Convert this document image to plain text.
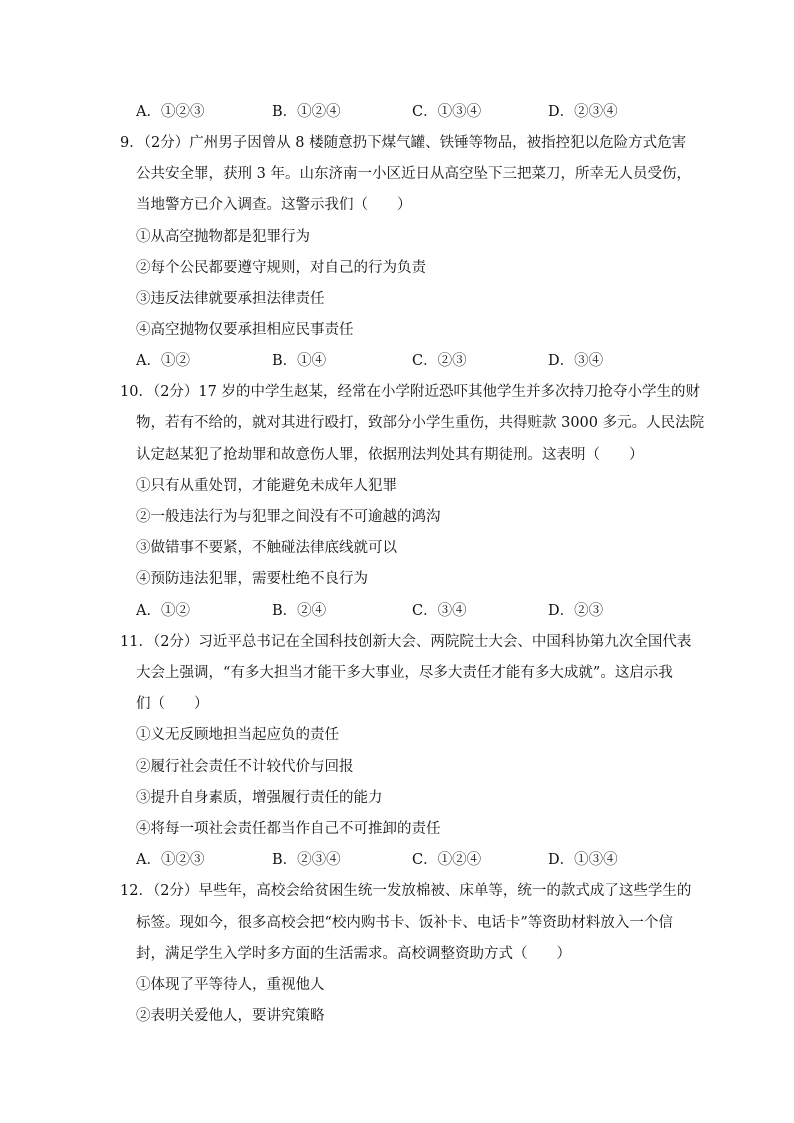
A．①②③	B．①②④	C．①③④	D．②③④
9．（2分）广州男子因曾从 8 楼随意扔下煤气罐、铁锤等物品，被指控犯以危险方式危害
公共安全罪，获刑 3 年。山东济南一小区近日从高空坠下三把菜刀，所幸无人员受伤，
当地警方已介入调查。这警示我们（　　）
①从高空抛物都是犯罪行为
②每个公民都要遵守规则，对自己的行为负责
③违反法律就要承担法律责任
④高空抛物仅要承担相应民事责任
A．①②	B．①④	C．②③	D．③④
10．（2分）17 岁的中学生赵某，经常在小学附近恐吓其他学生并多次持刀抢夺小学生的财
物，若有不给的，就对其进行殴打，致部分小学生重伤，共得赃款 3000 多元。人民法院
认定赵某犯了抢劫罪和故意伤人罪，依据刑法判处其有期徒刑。这表明（　　）
①只有从重处罚，才能避免未成年人犯罪
②一般违法行为与犯罪之间没有不可逾越的鸿沟
③做错事不要紧，不触碰法律底线就可以
④预防违法犯罪，需要杜绝不良行为
A．①②	B．②④	C．③④	D．②③
11．（2分）习近平总书记在全国科技创新大会、两院院士大会、中国科协第九次全国代表
大会上强调，“有多大担当才能干多大事业，尽多大责任才能有多大成就”。这启示我
们（　　）
①义无反顾地担当起应负的责任
②履行社会责任不计较代价与回报
③提升自身素质，增强履行责任的能力
④将每一项社会责任都当作自己不可推卸的责任
A．①②③	B．②③④	C．①②④	D．①③④
12．（2分）早些年，高校会给贫困生统一发放棉被、床单等，统一的款式成了这些学生的
标签。现如今，很多高校会把“校内购书卡、饭补卡、电话卡”等资助材料放入一个信
封，满足学生入学时多方面的生活需求。高校调整资助方式（　　）
①体现了平等待人，重视他人
②表明关爱他人，要讲究策略
